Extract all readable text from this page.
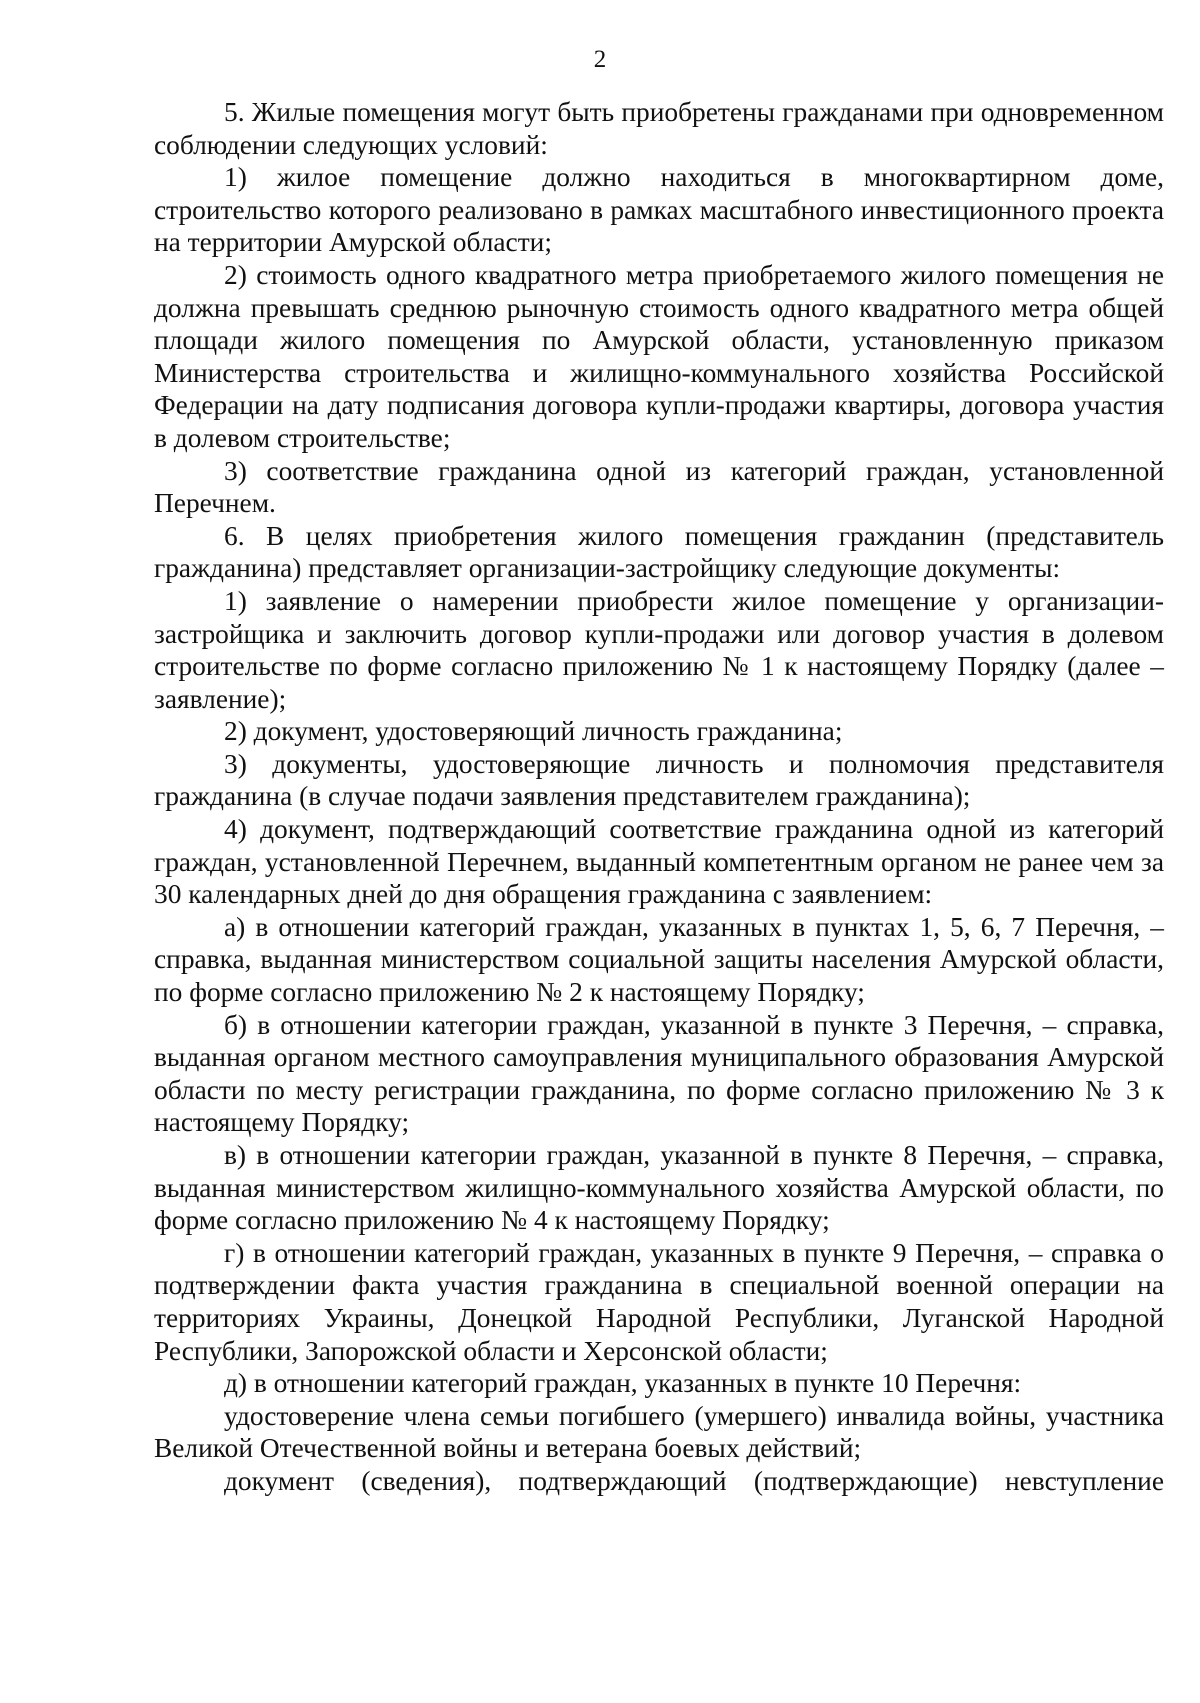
2

5. Жилые помещения могут быть приобретены гражданами при одновременном соблюдении следующих условий:

1) жилое помещение должно находиться в многоквартирном доме, строительство которого реализовано в рамках масштабного инвестиционного проекта на территории Амурской области;

2) стоимость одного квадратного метра приобретаемого жилого помещения не должна превышать среднюю рыночную стоимость одного квадратного метра общей площади жилого помещения по Амурской области, установленную приказом Министерства строительства и жилищно-коммунального хозяйства Российской Федерации на дату подписания договора купли-продажи квартиры, договора участия в долевом строительстве;

3) соответствие гражданина одной из категорий граждан, установленной Перечнем.

6. В целях приобретения жилого помещения гражданин (представитель гражданина) представляет организации-застройщику следующие документы:

1) заявление о намерении приобрести жилое помещение у организации-застройщика и заключить договор купли-продажи или договор участия в долевом строительстве по форме согласно приложению № 1 к настоящему Порядку (далее – заявление);

2) документ, удостоверяющий личность гражданина;

3) документы, удостоверяющие личность и полномочия представителя гражданина (в случае подачи заявления представителем гражданина);

4) документ, подтверждающий соответствие гражданина одной из категорий граждан, установленной Перечнем, выданный компетентным органом не ранее чем за 30 календарных дней до дня обращения гражданина с заявлением:

а) в отношении категорий граждан, указанных в пунктах 1, 5, 6, 7 Перечня, – справка, выданная министерством социальной защиты населения Амурской области, по форме согласно приложению № 2 к настоящему Порядку;

б) в отношении категории граждан, указанной в пункте 3 Перечня, – справка, выданная органом местного самоуправления муниципального образования Амурской области по месту регистрации гражданина, по форме согласно приложению № 3 к настоящему Порядку;

в) в отношении категории граждан, указанной в пункте 8 Перечня, – справка, выданная министерством жилищно-коммунального хозяйства Амурской области, по форме согласно приложению № 4 к настоящему Порядку;

г) в отношении категорий граждан, указанных в пункте 9 Перечня, – справка о подтверждении факта участия гражданина в специальной военной операции на территориях Украины, Донецкой Народной Республики, Луганской Народной Республики, Запорожской области и Херсонской области;

д) в отношении категорий граждан, указанных в пункте 10 Перечня:

удостоверение члена семьи погибшего (умершего) инвалида войны, участника Великой Отечественной войны и ветерана боевых действий;

документ (сведения), подтверждающий (подтверждающие) невступление
